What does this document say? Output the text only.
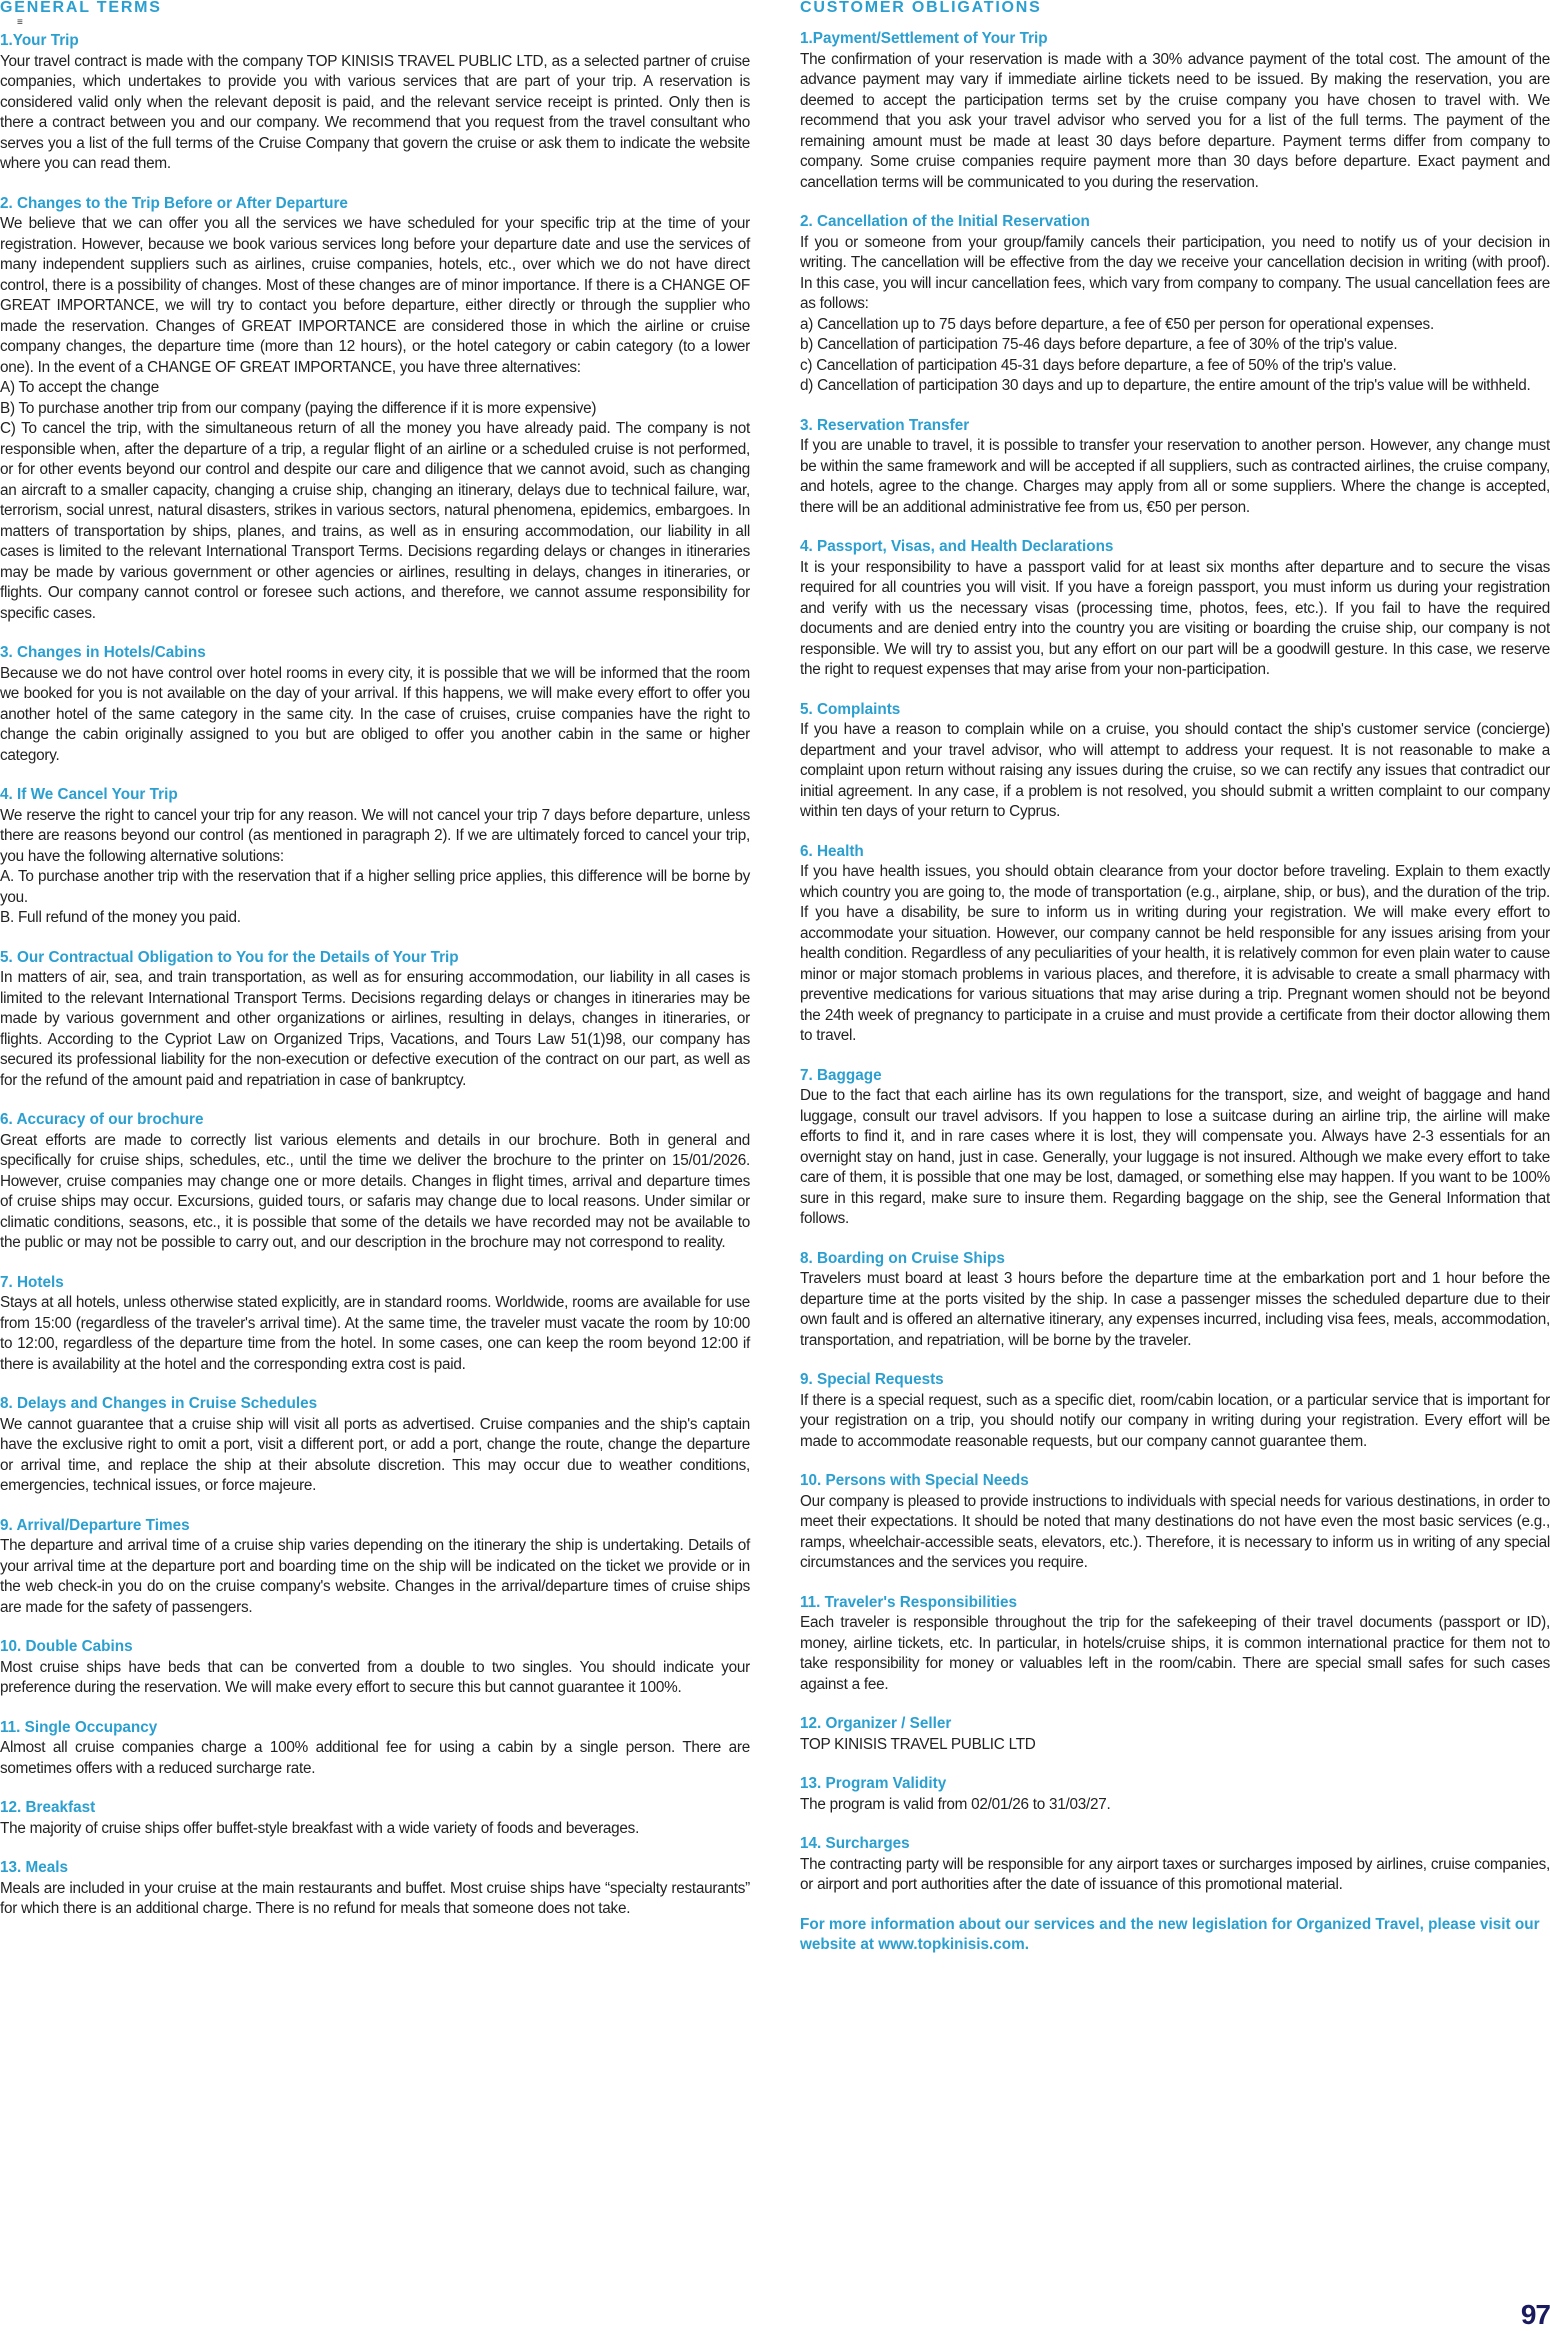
GENERAL TERMS
≡
1.Your Trip

Your travel contract is made with the company TOP KINISIS TRAVEL PUBLIC LTD, as a selected partner of cruise companies, which undertakes to provide you with various services that are part of your trip. A reservation is considered valid only when the relevant deposit is paid, and the relevant service receipt is printed. Only then is there a contract between you and our company. We recommend that you request from the travel consultant who serves you a list of the full terms of the Cruise Company that govern the cruise or ask them to indicate the website where you can read them.

2. Changes to the Trip Before or After Departure

We believe that we can offer you all the services we have scheduled for your specific trip at the time of your registration. However, because we book various services long before your departure date and use the services of many independent suppliers such as airlines, cruise companies, hotels, etc., over which we do not have direct control, there is a possibility of changes. Most of these changes are of minor importance. If there is a CHANGE OF GREAT IMPORTANCE, we will try to contact you before departure, either directly or through the supplier who made the reservation. Changes of GREAT IMPORTANCE are considered those in which the airline or cruise company changes, the departure time (more than 12 hours), or the hotel category or cabin category (to a lower one). In the event of a CHANGE OF GREAT IMPORTANCE, you have three alternatives:

A) To accept the change

B) To purchase another trip from our company (paying the difference if it is more expensive)

C) To cancel the trip, with the simultaneous return of all the money you have already paid. The company is not responsible when, after the departure of a trip, a regular flight of an airline or a scheduled cruise is not performed, or for other events beyond our control and despite our care and diligence that we cannot avoid, such as changing an aircraft to a smaller capacity, changing a cruise ship, changing an itinerary, delays due to technical failure, war, terrorism, social unrest, natural disasters, strikes in various sectors, natural phenomena, epidemics, embargoes. In matters of transportation by ships, planes, and trains, as well as in ensuring accommodation, our liability in all cases is limited to the relevant International Transport Terms. Decisions regarding delays or changes in itineraries may be made by various government or other agencies or airlines, resulting in delays, changes in itineraries, or flights. Our company cannot control or foresee such actions, and therefore, we cannot assume responsibility for specific cases.

3. Changes in Hotels/Cabins

Because we do not have control over hotel rooms in every city, it is possible that we will be informed that the room we booked for you is not available on the day of your arrival. If this happens, we will make every effort to offer you another hotel of the same category in the same city. In the case of cruises, cruise companies have the right to change the cabin originally assigned to you but are obliged to offer you another cabin in the same or higher category.

4. If We Cancel Your Trip

We reserve the right to cancel your trip for any reason. We will not cancel your trip 7 days before departure, unless there are reasons beyond our control (as mentioned in paragraph 2). If we are ultimately forced to cancel your trip, you have the following alternative solutions:

A. To purchase another trip with the reservation that if a higher selling price applies, this difference will be borne by you.

B. Full refund of the money you paid.

5. Our Contractual Obligation to You for the Details of Your Trip

In matters of air, sea, and train transportation, as well as for ensuring accommodation, our liability in all cases is limited to the relevant International Transport Terms. Decisions regarding delays or changes in itineraries may be made by various government and other organizations or airlines, resulting in delays, changes in itineraries, or flights. According to the Cypriot Law on Organized Trips, Vacations, and Tours Law 51(1)98, our company has secured its professional liability for the non-execution or defective execution of the contract on our part, as well as for the refund of the amount paid and repatriation in case of bankruptcy.

6. Accuracy of our brochure

Great efforts are made to correctly list various elements and details in our brochure. Both in general and specifically for cruise ships, schedules, etc., until the time we deliver the brochure to the printer on 15/01/2026. However, cruise companies may change one or more details. Changes in flight times, arrival and departure times of cruise ships may occur. Excursions, guided tours, or safaris may change due to local reasons. Under similar or climatic conditions, seasons, etc., it is possible that some of the details we have recorded may not be available to the public or may not be possible to carry out, and our description in the brochure may not correspond to reality.

7. Hotels

Stays at all hotels, unless otherwise stated explicitly, are in standard rooms. Worldwide, rooms are available for use from 15:00 (regardless of the traveler's arrival time). At the same time, the traveler must vacate the room by 10:00 to 12:00, regardless of the departure time from the hotel. In some cases, one can keep the room beyond 12:00 if there is availability at the hotel and the corresponding extra cost is paid.

8. Delays and Changes in Cruise Schedules

We cannot guarantee that a cruise ship will visit all ports as advertised. Cruise companies and the ship's captain have the exclusive right to omit a port, visit a different port, or add a port, change the route, change the departure or arrival time, and replace the ship at their absolute discretion. This may occur due to weather conditions, emergencies, technical issues, or force majeure.

9. Arrival/Departure Times

The departure and arrival time of a cruise ship varies depending on the itinerary the ship is undertaking. Details of your arrival time at the departure port and boarding time on the ship will be indicated on the ticket we provide or in the web check-in you do on the cruise company's website. Changes in the arrival/departure times of cruise ships are made for the safety of passengers.

10. Double Cabins

Most cruise ships have beds that can be converted from a double to two singles. You should indicate your preference during the reservation. We will make every effort to secure this but cannot guarantee it 100%.

11. Single Occupancy

Almost all cruise companies charge a 100% additional fee for using a cabin by a single person. There are sometimes offers with a reduced surcharge rate.

12. Breakfast

The majority of cruise ships offer buffet-style breakfast with a wide variety of foods and beverages.

13. Meals

Meals are included in your cruise at the main restaurants and buffet. Most cruise ships have “specialty restaurants” for which there is an additional charge. There is no refund for meals that someone does not take.

CUSTOMER OBLIGATIONS
1.Payment/Settlement of Your Trip

The confirmation of your reservation is made with a 30% advance payment of the total cost. The amount of the advance payment may vary if immediate airline tickets need to be issued. By making the reservation, you are deemed to accept the participation terms set by the cruise company you have chosen to travel with. We recommend that you ask your travel advisor who served you for a list of the full terms. The payment of the remaining amount must be made at least 30 days before departure. Payment terms differ from company to company. Some cruise companies require payment more than 30 days before departure. Exact payment and cancellation terms will be communicated to you during the reservation.

2. Cancellation of the Initial Reservation

If you or someone from your group/family cancels their participation, you need to notify us of your decision in writing. The cancellation will be effective from the day we receive your cancellation decision in writing (with proof). In this case, you will incur cancellation fees, which vary from company to company. The usual cancellation fees are as follows:

a) Cancellation up to 75 days before departure, a fee of €50 per person for operational expenses.

b) Cancellation of participation 75-46 days before departure, a fee of 30% of the trip's value.

c) Cancellation of participation 45-31 days before departure, a fee of 50% of the trip's value.

d) Cancellation of participation 30 days and up to departure, the entire amount of the trip's value will be withheld.

3. Reservation Transfer

If you are unable to travel, it is possible to transfer your reservation to another person. However, any change must be within the same framework and will be accepted if all suppliers, such as contracted airlines, the cruise company, and hotels, agree to the change. Charges may apply from all or some suppliers. Where the change is accepted, there will be an additional administrative fee from us, €50 per person.

4. Passport, Visas, and Health Declarations

It is your responsibility to have a passport valid for at least six months after departure and to secure the visas required for all countries you will visit. If you have a foreign passport, you must inform us during your registration and verify with us the necessary visas (processing time, photos, fees, etc.). If you fail to have the required documents and are denied entry into the country you are visiting or boarding the cruise ship, our company is not responsible. We will try to assist you, but any effort on our part will be a goodwill gesture. In this case, we reserve the right to request expenses that may arise from your non-participation.

5. Complaints

If you have a reason to complain while on a cruise, you should contact the ship's customer service (concierge) department and your travel advisor, who will attempt to address your request. It is not reasonable to make a complaint upon return without raising any issues during the cruise, so we can rectify any issues that contradict our initial agreement. In any case, if a problem is not resolved, you should submit a written complaint to our company within ten days of your return to Cyprus.

6. Health

If you have health issues, you should obtain clearance from your doctor before traveling. Explain to them exactly which country you are going to, the mode of transportation (e.g., airplane, ship, or bus), and the duration of the trip. If you have a disability, be sure to inform us in writing during your registration. We will make every effort to accommodate your situation. However, our company cannot be held responsible for any issues arising from your health condition. Regardless of any peculiarities of your health, it is relatively common for even plain water to cause minor or major stomach problems in various places, and therefore, it is advisable to create a small pharmacy with preventive medications for various situations that may arise during a trip. Pregnant women should not be beyond the 24th week of pregnancy to participate in a cruise and must provide a certificate from their doctor allowing them to travel.

7. Baggage

Due to the fact that each airline has its own regulations for the transport, size, and weight of baggage and hand luggage, consult our travel advisors. If you happen to lose a suitcase during an airline trip, the airline will make efforts to find it, and in rare cases where it is lost, they will compensate you. Always have 2-3 essentials for an overnight stay on hand, just in case. Generally, your luggage is not insured. Although we make every effort to take care of them, it is possible that one may be lost, damaged, or something else may happen. If you want to be 100% sure in this regard, make sure to insure them. Regarding baggage on the ship, see the General Information that follows.

8. Boarding on Cruise Ships

Travelers must board at least 3 hours before the departure time at the embarkation port and 1 hour before the departure time at the ports visited by the ship. In case a passenger misses the scheduled departure due to their own fault and is offered an alternative itinerary, any expenses incurred, including visa fees, meals, accommodation, transportation, and repatriation, will be borne by the traveler.

9. Special Requests

If there is a special request, such as a specific diet, room/cabin location, or a particular service that is important for your registration on a trip, you should notify our company in writing during your registration. Every effort will be made to accommodate reasonable requests, but our company cannot guarantee them.

10. Persons with Special Needs

Our company is pleased to provide instructions to individuals with special needs for various destinations, in order to meet their expectations. It should be noted that many destinations do not have even the most basic services (e.g., ramps, wheelchair-accessible seats, elevators, etc.). Therefore, it is necessary to inform us in writing of any special circumstances and the services you require.

11. Traveler's Responsibilities

Each traveler is responsible throughout the trip for the safekeeping of their travel documents (passport or ID), money, airline tickets, etc. In particular, in hotels/cruise ships, it is common international practice for them not to take responsibility for money or valuables left in the room/cabin. There are special small safes for such cases against a fee.

12. Organizer / Seller

TOP KINISIS TRAVEL PUBLIC LTD

13. Program Validity

The program is valid from 02/01/26 to 31/03/27.

14. Surcharges

The contracting party will be responsible for any airport taxes or surcharges imposed by airlines, cruise companies, or airport and port authorities after the date of issuance of this promotional material.

For more information about our services and the new legislation for Organized Travel, please visit our website at www.topkinisis.com.

97
